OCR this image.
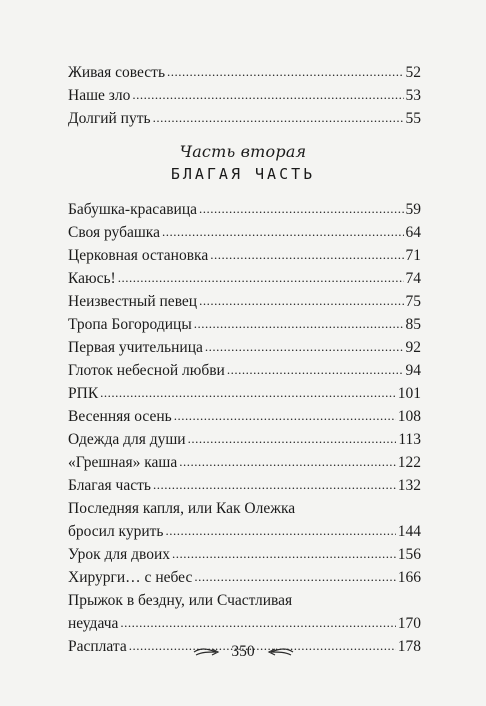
Живая совесть .....	52
Наше зло .....	53
Долгий путь .....	55
Часть вторая
БЛАГАЯ ЧАСТЬ
Бабушка-красавица .....	59
Своя рубашка .....	64
Церковная остановка .....	71
Каюсь! .....	74
Неизвестный певец .....	75
Тропа Богородицы .....	85
Первая учительница .....	92
Глоток небесной любви .....	94
РПК .....	101
Весенняя осень .....	108
Одежда для души .....	113
«Грешная» каша .....	122
Благая часть .....	132
Последняя капля, или Как Олежка
бросил курить .....	144
Урок для двоих .....	156
Хирурги… с небес .....	166
Прыжок в бездну, или Счастливая
неудача .....	170
Расплата .....	178
350
